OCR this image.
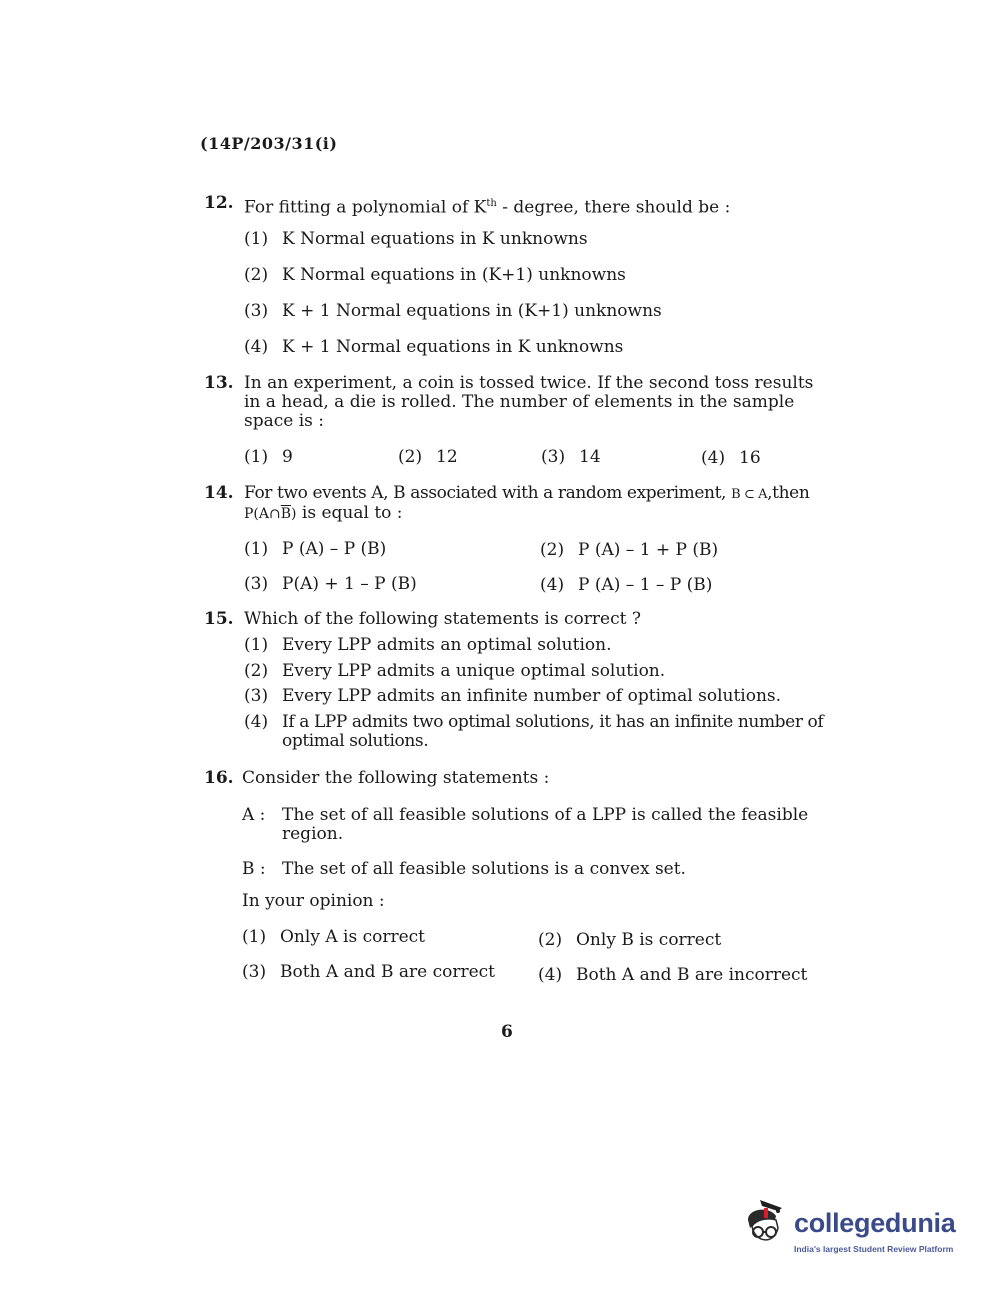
(14P/203/31(i)
12. For fitting a polynomial of $K^{th}$ - degree, there should be :
(1) K Normal equations in K unknowns
(2) K Normal equations in (K+1) unknowns
(3) K + 1 Normal equations in (K+1) unknowns
(4) K + 1 Normal equations in K unknowns
13. In an experiment, a coin is tossed twice. If the second toss results in a head, a die is rolled. The number of elements in the sample space is :
(1) 9	(2) 12	(3) 14	(4) 16
14. For two events A, B associated with a random experiment, B ⊂ A,then
$P(A\cap\overline{B})$ is equal to :
(1) P (A) – P (B)	(2) P (A) – 1 + P (B)
(3) P(A) + 1 – P (B)	(4) P (A) – 1 – P (B)
15. Which of the following statements is correct ?
(1) Every LPP admits an optimal solution.
(2) Every LPP admits a unique optimal solution.
(3) Every LPP admits an infinite number of optimal solutions.
(4) If a LPP admits two optimal solutions, it has an infinite number of optimal solutions.
16. Consider the following statements :
A : The set of all feasible solutions of a LPP is called the feasible region.
B : The set of all feasible solutions is a convex set.
In your opinion :
(1) Only A is correct	(2) Only B is correct
(3) Both A and B are correct	(4) Both A and B are incorrect
6
collegedunia
India's largest Student Review Platform
